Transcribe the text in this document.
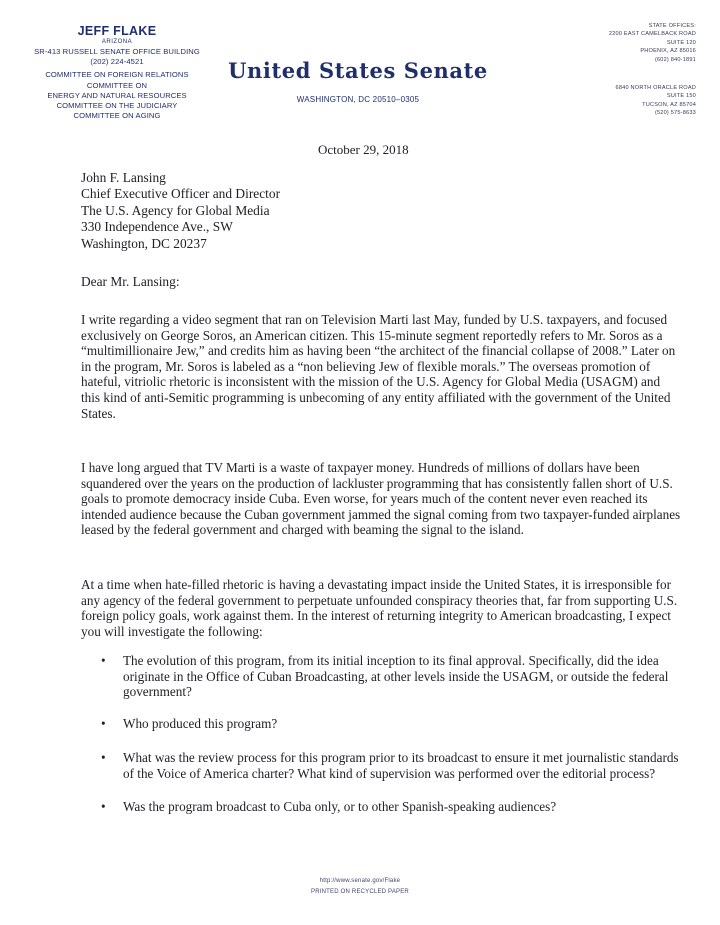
JEFF FLAKE
ARIZONA
SR-413 RUSSELL SENATE OFFICE BUILDING
(202) 224-4521
COMMITTEE ON FOREIGN RELATIONS
COMMITTEE ON
ENERGY AND NATURAL RESOURCES
COMMITTEE ON THE JUDICIARY
COMMITTEE ON AGING
United States Senate
WASHINGTON, DC 20510–0305
STATE OFFICES:
2200 EAST CAMELBACK ROAD
SUITE 120
PHOENIX, AZ 85016
(602) 840-1891
6840 NORTH ORACLE ROAD
SUITE 150
TUCSON, AZ 85704
(520) 575-8633
October 29, 2018
John F. Lansing
Chief Executive Officer and Director
The U.S. Agency for Global Media
330 Independence Ave., SW
Washington, DC 20237
Dear Mr. Lansing:

I write regarding a video segment that ran on Television Marti last May, funded by U.S. taxpayers, and focused exclusively on George Soros, an American citizen. This 15-minute segment reportedly refers to Mr. Soros as a “multimillionaire Jew,” and credits him as having been “the architect of the financial collapse of 2008.” Later on in the program, Mr. Soros is labeled as a “non believing Jew of flexible morals.” The overseas promotion of hateful, vitriolic rhetoric is inconsistent with the mission of the U.S. Agency for Global Media (USAGM) and this kind of anti-Semitic programming is unbecoming of any entity affiliated with the government of the United States.

I have long argued that TV Marti is a waste of taxpayer money. Hundreds of millions of dollars have been squandered over the years on the production of lackluster programming that has consistently fallen short of U.S. goals to promote democracy inside Cuba. Even worse, for years much of the content never even reached its intended audience because the Cuban government jammed the signal coming from two taxpayer-funded airplanes leased by the federal government and charged with beaming the signal to the island.

At a time when hate-filled rhetoric is having a devastating impact inside the United States, it is irresponsible for any agency of the federal government to perpetuate unfounded conspiracy theories that, far from supporting U.S. foreign policy goals, work against them. In the interest of returning integrity to American broadcasting, I expect you will investigate the following:

• The evolution of this program, from its initial inception to its final approval. Specifically, did the idea originate in the Office of Cuban Broadcasting, at other levels inside the USAGM, or outside the federal government?
• Who produced this program?
• What was the review process for this program prior to its broadcast to ensure it met journalistic standards of the Voice of America charter? What kind of supervision was performed over the editorial process?
• Was the program broadcast to Cuba only, or to other Spanish-speaking audiences?
http://www.senate.gov/Flake
PRINTED ON RECYCLED PAPER
